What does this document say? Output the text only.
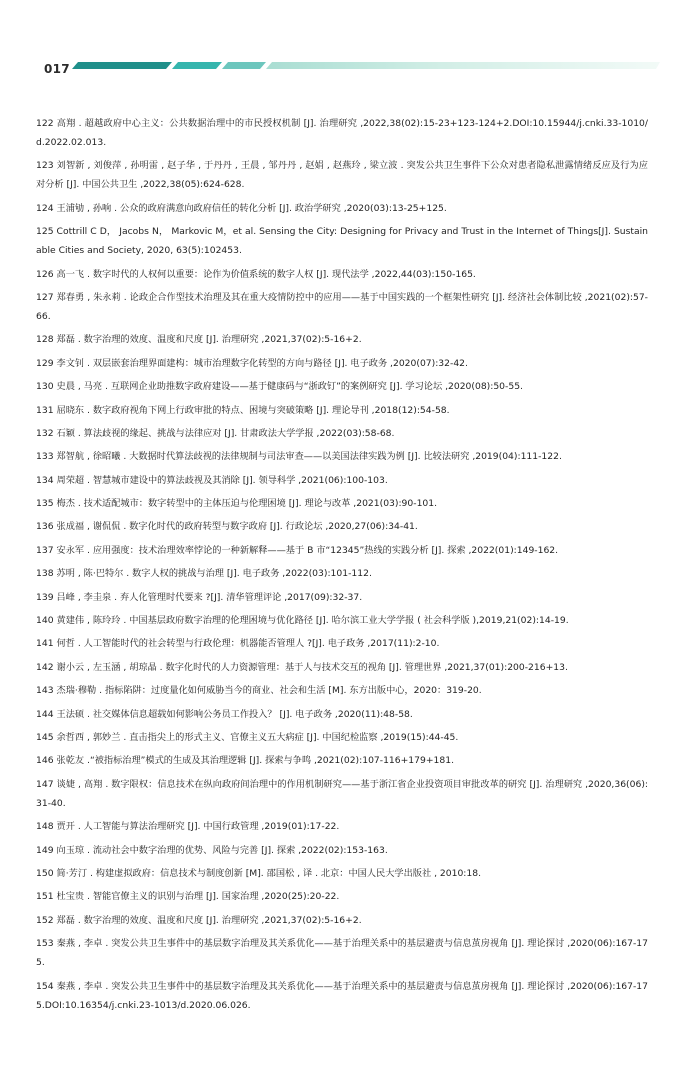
017
122 高翔 . 超越政府中心主义：公共数据治理中的市民授权机制 [J]. 治理研究 ,2022,38(02):15-23+123-124+2.DOI:10.15944/j.cnki.33-1010/d.2022.02.013.
123 刘智新 , 刘俊萍 , 孙明雷 , 赵子华 , 于丹丹 , 王晨 , 邹丹丹 , 赵娟 , 赵燕玲 , 梁立波 . 突发公共卫生事件下公众对患者隐私泄露情绪反应及行为应对分析 [J]. 中国公共卫生 ,2022,38(05):624-628.
124 王浦劬 , 孙响 . 公众的政府满意向政府信任的转化分析 [J]. 政治学研究 ,2020(03):13-25+125.
125 Cottrill C D， Jacobs N， Markovic M，et al. Sensing the City: Designing for Privacy and Trust in the Internet of Things[J]. Sustainable Cities and Society, 2020, 63(5):102453.
126 高一飞 . 数字时代的人权何以重要：论作为价值系统的数字人权 [J]. 现代法学 ,2022,44(03):150-165.
127 郑春勇 , 朱永莉 . 论政企合作型技术治理及其在重大疫情防控中的应用——基于中国实践的一个框架性研究 [J]. 经济社会体制比较 ,2021(02):57-66.
128 郑磊 . 数字治理的效度、温度和尺度 [J]. 治理研究 ,2021,37(02):5-16+2.
129 李文钊 . 双层嵌套治理界面建构：城市治理数字化转型的方向与路径 [J]. 电子政务 ,2020(07):32-42.
130 史晨 , 马亮 . 互联网企业助推数字政府建设——基于健康码与“浙政钉”的案例研究 [J]. 学习论坛 ,2020(08):50-55.
131 屈晓东 . 数字政府视角下网上行政审批的特点、困境与突破策略 [J]. 理论导刊 ,2018(12):54-58.
132 石颖 . 算法歧视的缘起、挑战与法律应对 [J]. 甘肃政法大学学报 ,2022(03):58-68.
133 郑智航 , 徐昭曦 . 大数据时代算法歧视的法律规制与司法审查——以美国法律实践为例 [J]. 比较法研究 ,2019(04):111-122.
134 周荣超 . 智慧城市建设中的算法歧视及其消除 [J]. 领导科学 ,2021(06):100-103.
135 梅杰 . 技术适配城市：数字转型中的主体压迫与伦理困境 [J]. 理论与改革 ,2021(03):90-101.
136 张成福 , 谢侃侃 . 数字化时代的政府转型与数字政府 [J]. 行政论坛 ,2020,27(06):34-41.
137 安永军 . 应用强度：技术治理效率悖论的一种新解释——基于 B 市“12345”热线的实践分析 [J]. 探索 ,2022(01):149-162.
138 苏明 , 陈·巴特尔 . 数字人权的挑战与治理 [J]. 电子政务 ,2022(03):101-112.
139 吕峰 , 李圭泉 . 弃人化管理时代要来 ?[J]. 清华管理评论 ,2017(09):32-37.
140 黄建伟 , 陈玲玲 . 中国基层政府数字治理的伦理困境与优化路径 [J]. 哈尔滨工业大学学报 ( 社会科学版 ),2019,21(02):14-19.
141 何哲 . 人工智能时代的社会转型与行政伦理：机器能否管理人 ?[J]. 电子政务 ,2017(11):2-10.
142 谢小云 , 左玉涵 , 胡琼晶 . 数字化时代的人力资源管理：基于人与技术交互的视角 [J]. 管理世界 ,2021,37(01):200-216+13.
143 杰瑞·穆勒 . 指标陷阱：过度量化如何威胁当今的商业、社会和生活 [M]. 东方出版中心，2020：319-20.
144 王法硕 . 社交媒体信息超载如何影响公务员工作投入？ [J]. 电子政务 ,2020(11):48-58.
145 余哲西 , 郭妙兰 . 直击指尖上的形式主义、官僚主义五大病症 [J]. 中国纪检监察 ,2019(15):44-45.
146 张乾友 .“被指标治理”模式的生成及其治理逻辑 [J]. 探索与争鸣 ,2021(02):107-116+179+181.
147 谈婕 , 高翔 . 数字限权：信息技术在纵向政府间治理中的作用机制研究——基于浙江省企业投资项目审批改革的研究 [J]. 治理研究 ,2020,36(06):31-40.
148 贾开 . 人工智能与算法治理研究 [J]. 中国行政管理 ,2019(01):17-22.
149 向玉琼 . 流动社会中数字治理的优势、风险与完善 [J]. 探索 ,2022(02):153-163.
150 简·芳汀 . 构建虚拟政府：信息技术与制度创新 [M]. 邵国松 , 译 . 北京：中国人民大学出版社 , 2010:18.
151 杜宝贵 . 智能官僚主义的识别与治理 [J]. 国家治理 ,2020(25):20-22.
152 郑磊 . 数字治理的效度、温度和尺度 [J]. 治理研究 ,2021,37(02):5-16+2.
153 秦燕 , 李卓 . 突发公共卫生事件中的基层数字治理及其关系优化——基于治理关系中的基层避责与信息茧房视角 [J]. 理论探讨 ,2020(06):167-175.
154 秦燕 , 李卓 . 突发公共卫生事件中的基层数字治理及其关系优化——基于治理关系中的基层避责与信息茧房视角 [J]. 理论探讨 ,2020(06):167-175.DOI:10.16354/j.cnki.23-1013/d.2020.06.026.
